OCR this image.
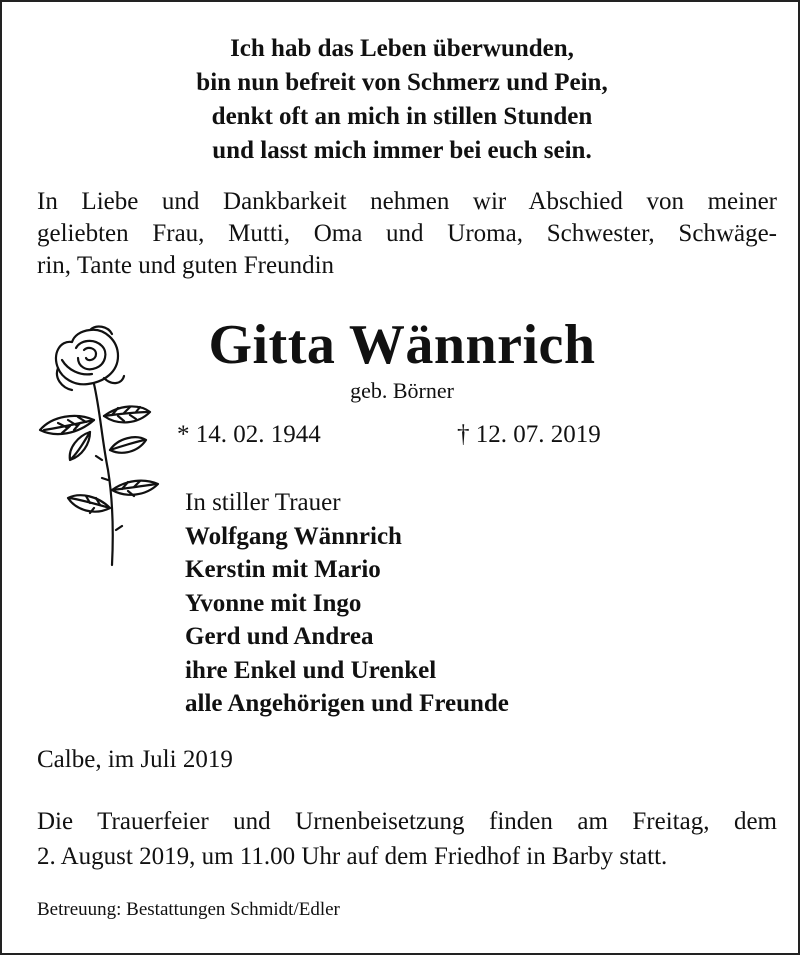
Ich hab das Leben überwunden,
bin nun befreit von Schmerz und Pein,
denkt oft an mich in stillen Stunden
und lasst mich immer bei euch sein.
In Liebe und Dankbarkeit nehmen wir Abschied von meiner
geliebten Frau, Mutti, Oma und Uroma, Schwester, Schwäge-
rin, Tante und guten Freundin
Gitta Wännrich
geb. Börner
* 14. 02. 1944	† 12. 07. 2019
In stiller Trauer
Wolfgang Wännrich
Kerstin mit Mario
Yvonne mit Ingo
Gerd und Andrea
ihre Enkel und Urenkel
alle Angehörigen und Freunde
Calbe, im Juli 2019
Die Trauerfeier und Urnenbeisetzung finden am Freitag, dem
2. August 2019, um 11.00 Uhr auf dem Friedhof in Barby statt.
Betreuung: Bestattungen Schmidt/Edler
